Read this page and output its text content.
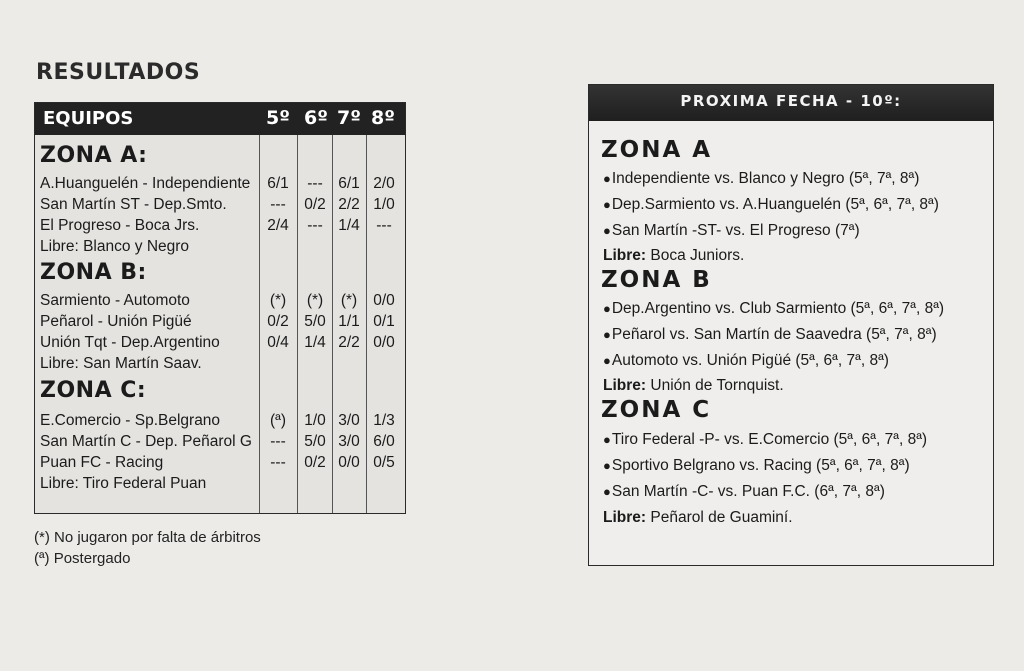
RESULTADOS
EQUIPOS	5º 6º 7º 8º
ZONA A:
A.Huanguelén - Independiente	6/1	--- 6/1 2/0
San Martín ST - Dep.Smto.	---	0/2 2/2 1/0
El Progreso - Boca Jrs.	2/4	--- 1/4	---
Libre: Blanco y Negro
ZONA B:
Sarmiento - Automoto	(*)	(*)	(*)	0/0
Peñarol - Unión Pigüé	0/2 5/0 1/1 0/1
Unión Tqt - Dep.Argentino	0/4 1/4 2/2 0/0
Libre: San Martín Saav.
ZONA C:
E.Comercio - Sp.Belgrano	(ª)	1/0 3/0 1/3
San Martín C - Dep. Peñarol G	---	5/0 3/0 6/0
Puan FC - Racing	---	0/2 0/0 0/5
Libre: Tiro Federal Puan
(*) No jugaron por falta de árbitros
(ª) Postergado
PROXIMA FECHA - 10º:
ZONA A
●Independiente vs. Blanco y Negro (5ª, 7ª, 8ª)
●Dep.Sarmiento vs. A.Huanguelén (5ª, 6ª, 7ª, 8ª)
●San Martín -ST- vs. El Progreso (7ª)
Libre: Boca Juniors.
ZONA B
●Dep.Argentino vs. Club Sarmiento (5ª, 6ª, 7ª, 8ª)
●Peñarol vs. San Martín de Saavedra (5ª, 7ª, 8ª)
●Automoto vs. Unión Pigüé (5ª, 6ª, 7ª, 8ª)
Libre: Unión de Tornquist.
ZONA C
●Tiro Federal -P- vs. E.Comercio (5ª, 6ª, 7ª, 8ª)
●Sportivo Belgrano vs. Racing (5ª, 6ª, 7ª, 8ª)
●San Martín -C- vs. Puan F.C. (6ª, 7ª, 8ª)
Libre: Peñarol de Guaminí.
